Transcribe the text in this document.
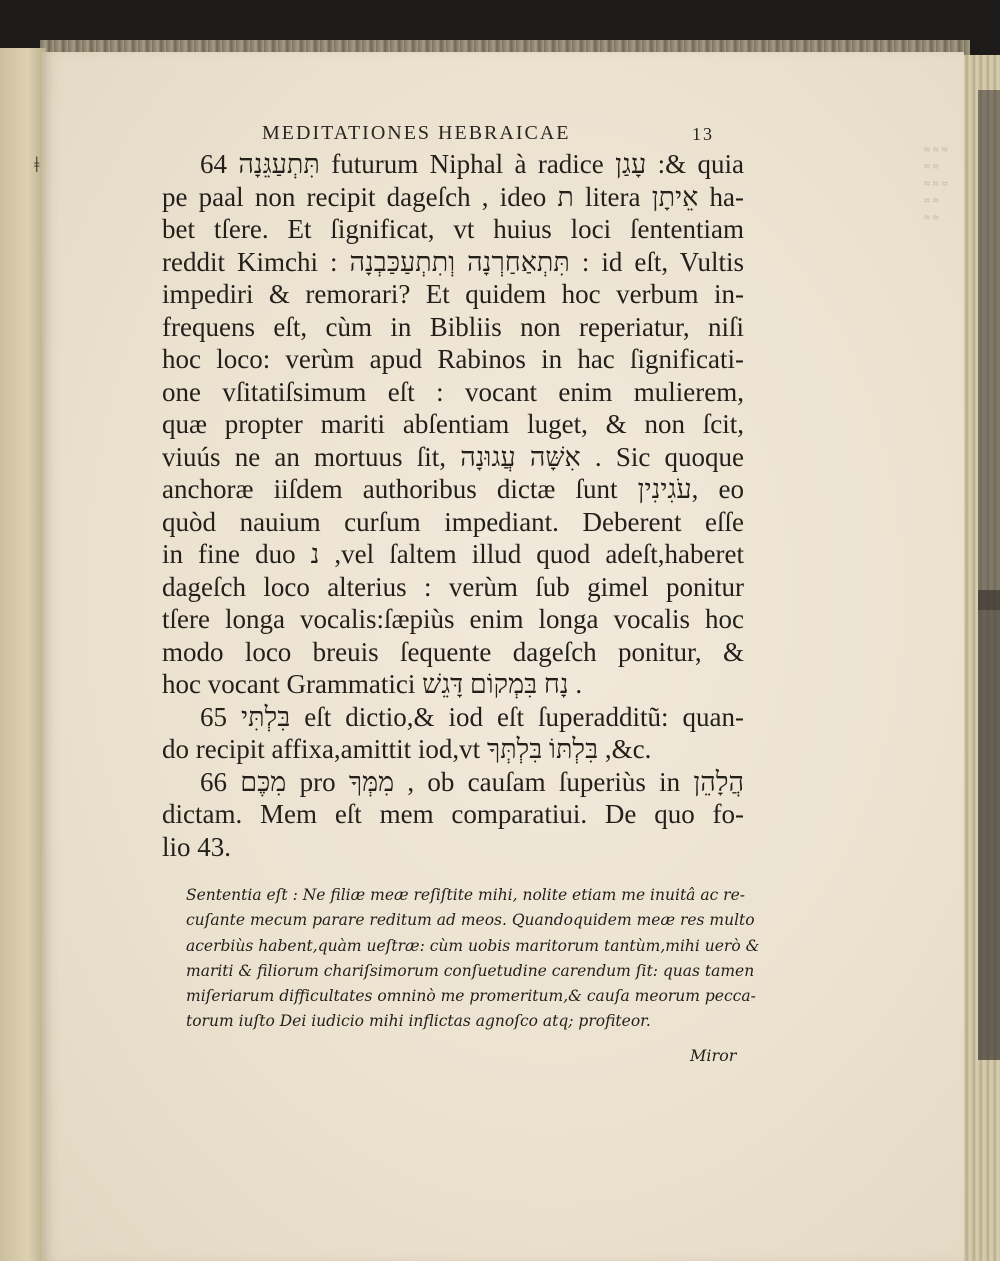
≈ ≈ ≈
≈ ≈
≈ ≈ ≈
≈ ≈
≈ ≈
ǂ
MEDITATIONES HEBRAICAE	13
64 תִּתְעַגֵּנָה futurum Niphal à radice עָגַן :& quia
pe paal non recipit dageſch , ideo ת litera אֵיתָן ha-
bet tſere. Et ſignificat, vt huius loci ſententiam
reddit Kimchi : תִּתְאַחַרְנָה וְתִתְעַכַּבְנָה : id eſt, Vultis
impediri & remorari? Et quidem hoc verbum in-
frequens eſt, cùm in Bibliis non reperiatur, niſi
hoc loco: verùm apud Rabinos in hac ſignificati-
one vſitatiſsimum eſt : vocant enim mulierem,
quæ propter mariti abſentiam luget, & non ſcit,
viuús ne an mortuus ſit, אִשָּׁה עֲגוּנָה . Sic quoque
anchoræ iiſdem authoribus dictæ ſunt עֹגִינִין, eo
quòd nauium curſum impediant. Deberent eſſe
in fine duo נ ,vel ſaltem illud quod adeſt,haberet
dageſch loco alterius : verùm ſub gimel ponitur
tſere longa vocalis:ſæpiùs enim longa vocalis hoc
modo loco breuis ſequente dageſch ponitur, &
hoc vocant Grammatici נָח בִּמְקוֹם דָּגֵשׁ .
65 בִּלְתִּי eſt dictio,& iod eſt ſuperadditũ: quan-
do recipit affixa,amittit iod,vt בִּלְתּוֹ בִּלְתְּךָ ,&c.
66 מִכֶּם pro מִמְּךָ , ob cauſam ſuperiùs in הֲלָהֵן
dictam. Mem eſt mem comparatiui. De quo fo-
lio 43.
Sententia eſt : Ne filiæ meæ reſiſtite mihi, nolite etiam me inuitâ ac re-
cuſante mecum parare reditum ad meos. Quandoquidem meæ res multo
acerbiùs habent,quàm ueſtræ: cùm uobis maritorum tantùm,mihi uerò &
mariti & filiorum chariſsimorum conſuetudine carendum ſit: quas tamen
miſeriarum difficultates omninò me promeritum,& cauſa meorum pecca-
torum iuſto Dei iudicio mihi inflictas agnoſco atq; profiteor.
Miror
